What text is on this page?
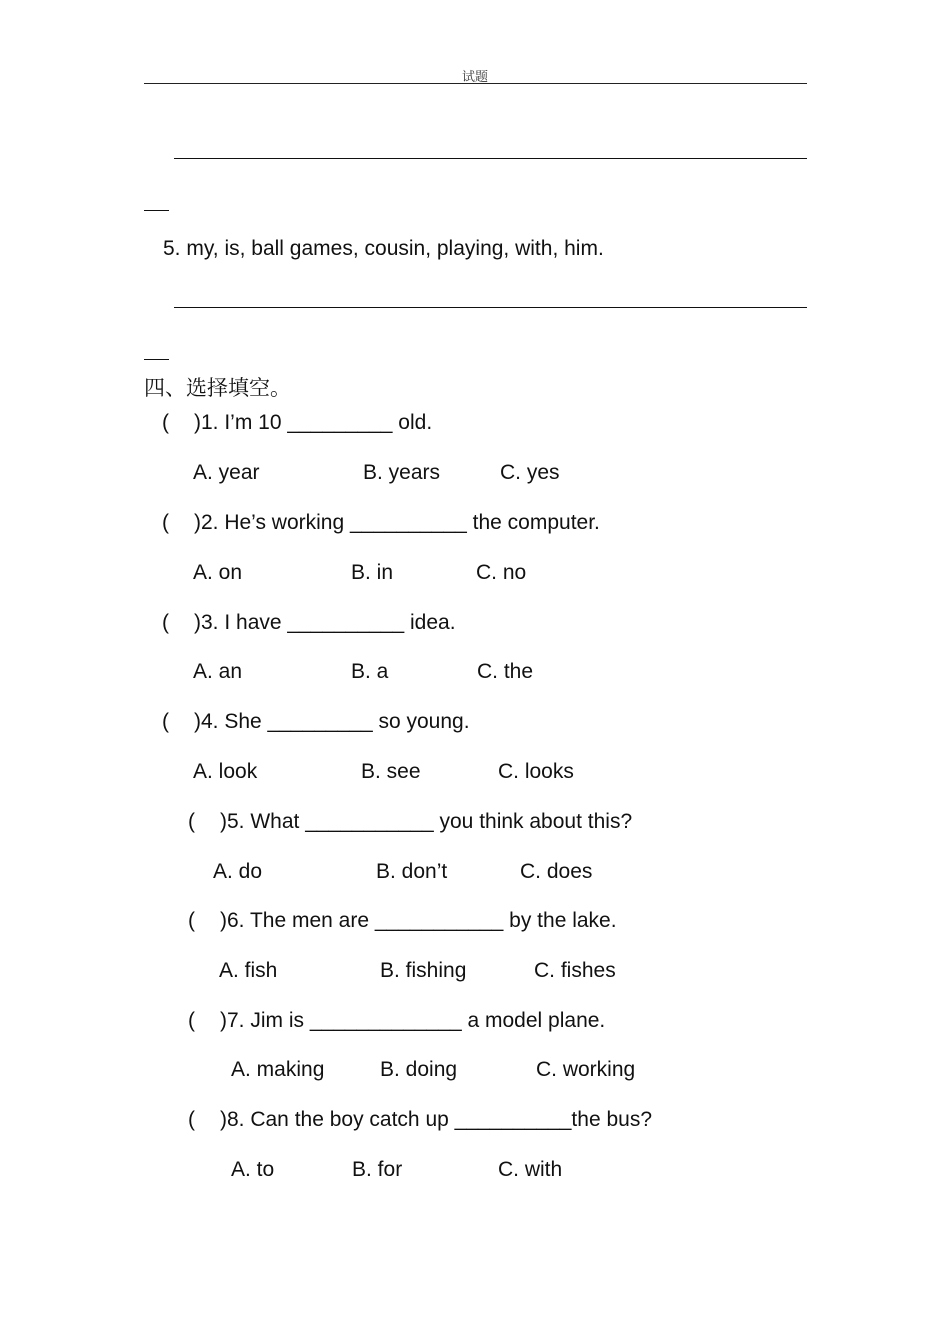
试题
5. my, is, ball games, cousin, playing, with, him.
四、选择填空。
( )1. I’m 10 _________ old.
A. year	B. years	C. yes
( )2. He’s working __________ the computer.
A. on	B. in	C. no
( )3. I have __________ idea.
A. an	B. a	C. the
( )4. She _________ so young.
A. look	B. see	C. looks
( )5. What ___________ you think about this?
A. do	B. don’t	C. does
( )6. The men are ___________ by the lake.
A. fish	B. fishing	C. fishes
( )7. Jim is _____________ a model plane.
A. making	B. doing	C. working
( )8. Can the boy catch up __________the bus?
A. to	B. for	C. with
